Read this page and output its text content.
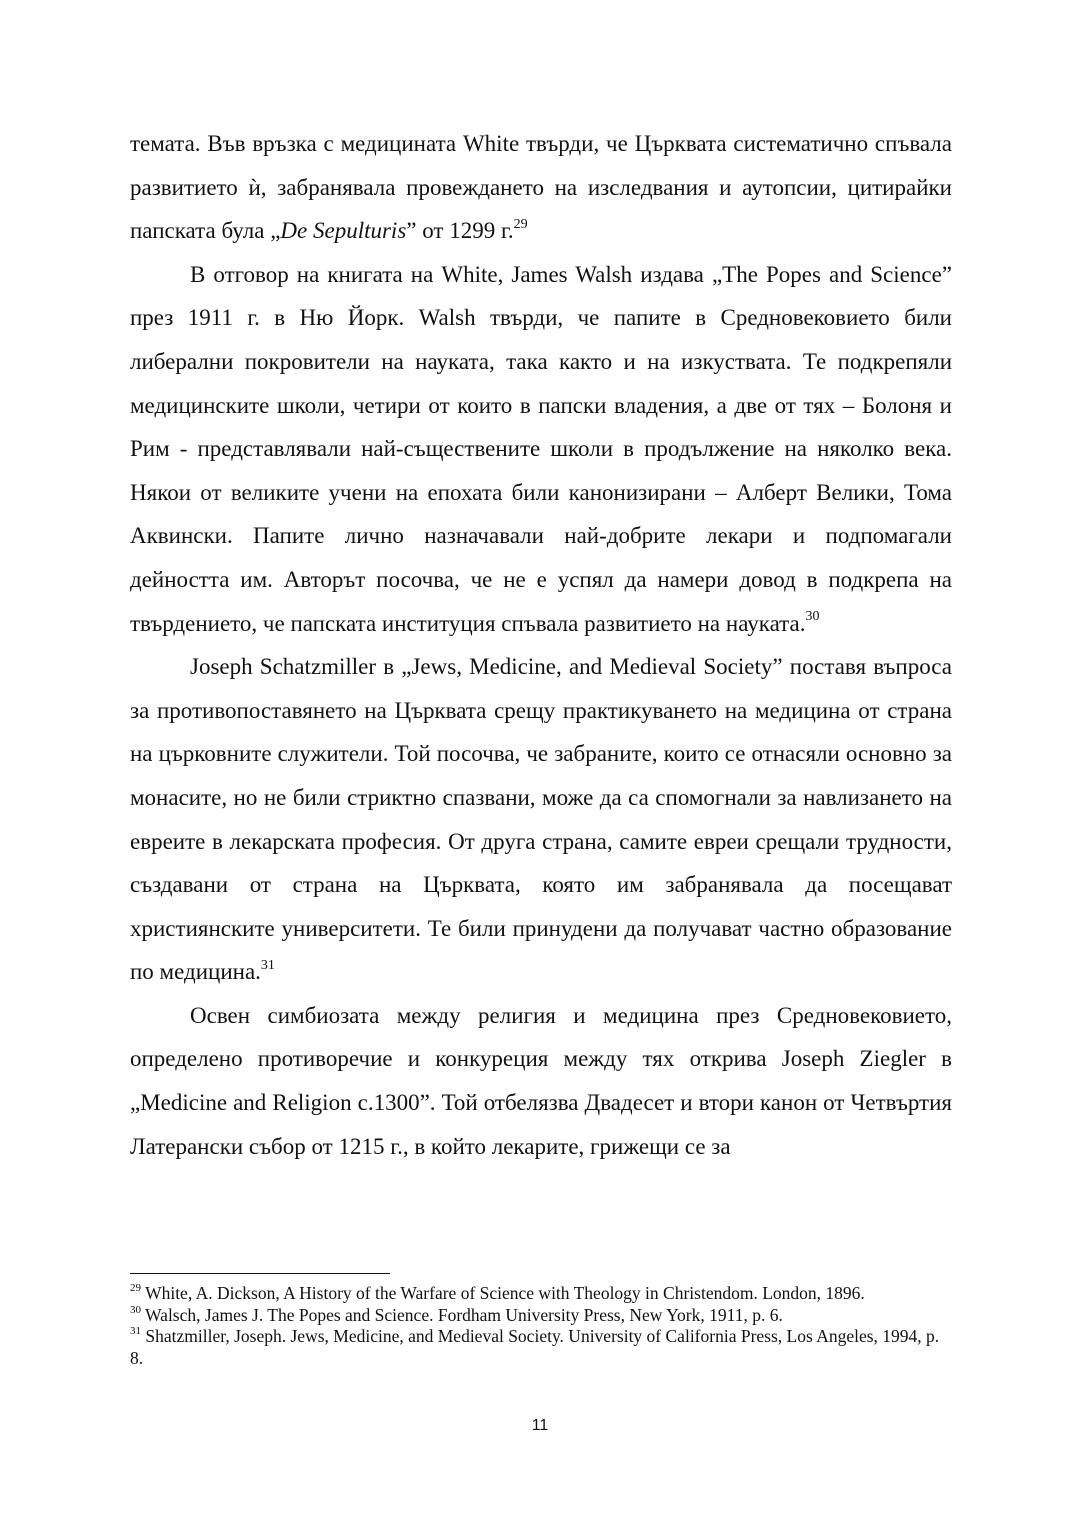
темата. Във връзка с медицината White твърди, че Църквата систематично спъвала развитието ѝ, забранявала провеждането на изследвания и аутопсии, цитирайки папската була „De Sepulturis” от 1299 г.$^{29}$

В отговор на книгата на White, James Walsh издава „The Popes and Science” през 1911 г. в Ню Йорк. Walsh твърди, че папите в Средновековието били либерални покровители на науката, така както и на изкуствата. Те подкрепяли медицинските школи, четири от които в папски владения, а две от тях – Болоня и Рим - представлявали най-съществените школи в продължение на няколко века. Някои от великите учени на епохата били канонизирани – Алберт Велики, Тома Аквински. Папите лично назначавали най-добрите лекари и подпомагали дейността им. Авторът посочва, че не е успял да намери довод в подкрепа на твърдението, че папската институция спъвала развитието на науката.$^{30}$

Joseph Schatzmiller в „Jews, Medicine, and Medieval Society” поставя въпроса за противопоставянето на Църквата срещу практикуването на медицина от страна на църковните служители. Той посочва, че забраните, които се отнасяли основно за монасите, но не били стриктно спазвани, може да са спомогнали за навлизането на евреите в лекарската професия. От друга страна, самите евреи срещали трудности, създавани от страна на Църквата, която им забранявала да посещават християнските университети. Те били принудени да получават частно образование по медицина.$^{31}$

Освен симбиозата между религия и медицина през Средновековието, определено противоречие и конкуреция между тях открива Joseph Ziegler в „Medicine and Religion c.1300”. Той отбелязва Двадесет и втори канон от Четвъртия Латерански събор от 1215 г., в който лекарите, грижещи се за

$^{29}$ White, A. Dickson, A History of the Warfare of Science with Theology in Christendom. London, 1896.

$^{30}$ Walsch, James J. The Popes and Science. Fordham University Press, New York, 1911, p. 6.

$^{31}$ Shatzmiller, Joseph. Jews, Medicine, and Medieval Society. University of California Press, Los Angeles, 1994, p. 8.

11
